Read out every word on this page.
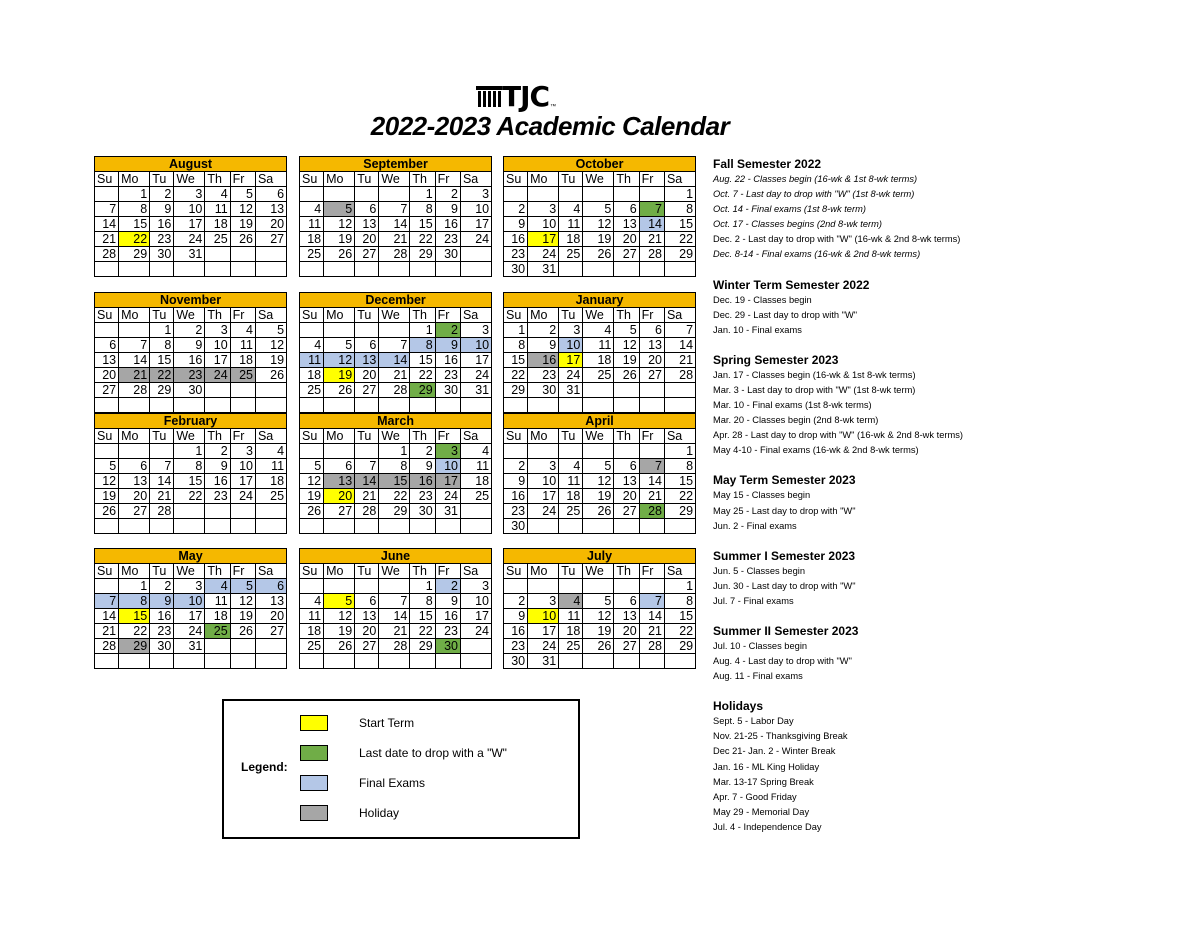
TJC ™
2022-2023 Academic Calendar
August						
Su	Mo	Tu	We	Th	Fr	Sa
	1	2	3	4	5	6
7	8	9	10	11	12	13
14	15	16	17	18	19	20
21	22	23	24	25	26	27
28	29	30	31			

September						
Su	Mo	Tu	We	Th	Fr	Sa
				1	2	3
4	5	6	7	8	9	10
11	12	13	14	15	16	17
18	19	20	21	22	23	24
25	26	27	28	29	30	

October						
Su	Mo	Tu	We	Th	Fr	Sa
						1
2	3	4	5	6	7	8
9	10	11	12	13	14	15
16	17	18	19	20	21	22
23	24	25	26	27	28	29
30	31					
November						
Su	Mo	Tu	We	Th	Fr	Sa
		1	2	3	4	5
6	7	8	9	10	11	12
13	14	15	16	17	18	19
20	21	22	23	24	25	26
27	28	29	30			

December						
Su	Mo	Tu	We	Th	Fr	Sa
				1	2	3
4	5	6	7	8	9	10
11	12	13	14	15	16	17
18	19	20	21	22	23	24
25	26	27	28	29	30	31

January						
Su	Mo	Tu	We	Th	Fr	Sa
1	2	3	4	5	6	7
8	9	10	11	12	13	14
15	16	17	18	19	20	21
22	23	24	25	26	27	28
29	30	31				

February						
Su	Mo	Tu	We	Th	Fr	Sa
			1	2	3	4
5	6	7	8	9	10	11
12	13	14	15	16	17	18
19	20	21	22	23	24	25
26	27	28				

March						
Su	Mo	Tu	We	Th	Fr	Sa
			1	2	3	4
5	6	7	8	9	10	11
12	13	14	15	16	17	18
19	20	21	22	23	24	25
26	27	28	29	30	31	

April						
Su	Mo	Tu	We	Th	Fr	Sa
						1
2	3	4	5	6	7	8
9	10	11	12	13	14	15
16	17	18	19	20	21	22
23	24	25	26	27	28	29
30						
May						
Su	Mo	Tu	We	Th	Fr	Sa
	1	2	3	4	5	6
7	8	9	10	11	12	13
14	15	16	17	18	19	20
21	22	23	24	25	26	27
28	29	30	31			

June						
Su	Mo	Tu	We	Th	Fr	Sa
				1	2	3
4	5	6	7	8	9	10
11	12	13	14	15	16	17
18	19	20	21	22	23	24
25	26	27	28	29	30	

July						
Su	Mo	Tu	We	Th	Fr	Sa
						1
2	3	4	5	6	7	8
9	10	11	12	13	14	15
16	17	18	19	20	21	22
23	24	25	26	27	28	29
30	31					
Fall Semester 2022
Aug. 22 - Classes begin (16-wk & 1st 8-wk terms)
Oct. 7 - Last day to drop with "W" (1st 8-wk term)
Oct. 14 - Final exams (1st 8-wk term)
Oct. 17 - Classes begins (2nd 8-wk term)
Dec. 2 - Last day to drop with "W" (16-wk & 2nd 8-wk terms)
Dec. 8-14 - Final exams (16-wk & 2nd 8-wk terms)
Winter Term Semester 2022
Dec. 19 - Classes begin
Dec. 29 - Last day to drop with "W"
Jan. 10 - Final exams
Spring Semester 2023
Jan. 17 - Classes begin (16-wk & 1st 8-wk terms)
Mar. 3 - Last day to drop with "W" (1st 8-wk term)
Mar. 10 - Final exams (1st 8-wk terms)
Mar. 20 - Classes begin (2nd 8-wk term)
Apr. 28 - Last day to drop with "W" (16-wk & 2nd 8-wk terms)
May 4-10 - Final exams (16-wk & 2nd 8-wk terms)
May Term Semester 2023
May 15 - Classes begin
May 25 - Last day to drop with "W"
Jun. 2 - Final exams
Summer I Semester 2023
Jun. 5 - Classes begin
Jun. 30 - Last day to drop with "W"
Jul. 7 - Final exams
Summer II Semester 2023
Jul. 10 - Classes begin
Aug. 4 - Last day to drop with "W"
Aug. 11 - Final exams
Holidays
Sept. 5 - Labor Day
Nov. 21-25 - Thanksgiving Break
Dec 21- Jan. 2 - Winter Break
Jan. 16 - ML King Holiday
Mar. 13-17 Spring Break
Apr. 7 - Good Friday
May 29 - Memorial Day
Jul. 4 - Independence Day
Legend:
Start Term
Last date to drop with a "W"
Final Exams
Holiday
